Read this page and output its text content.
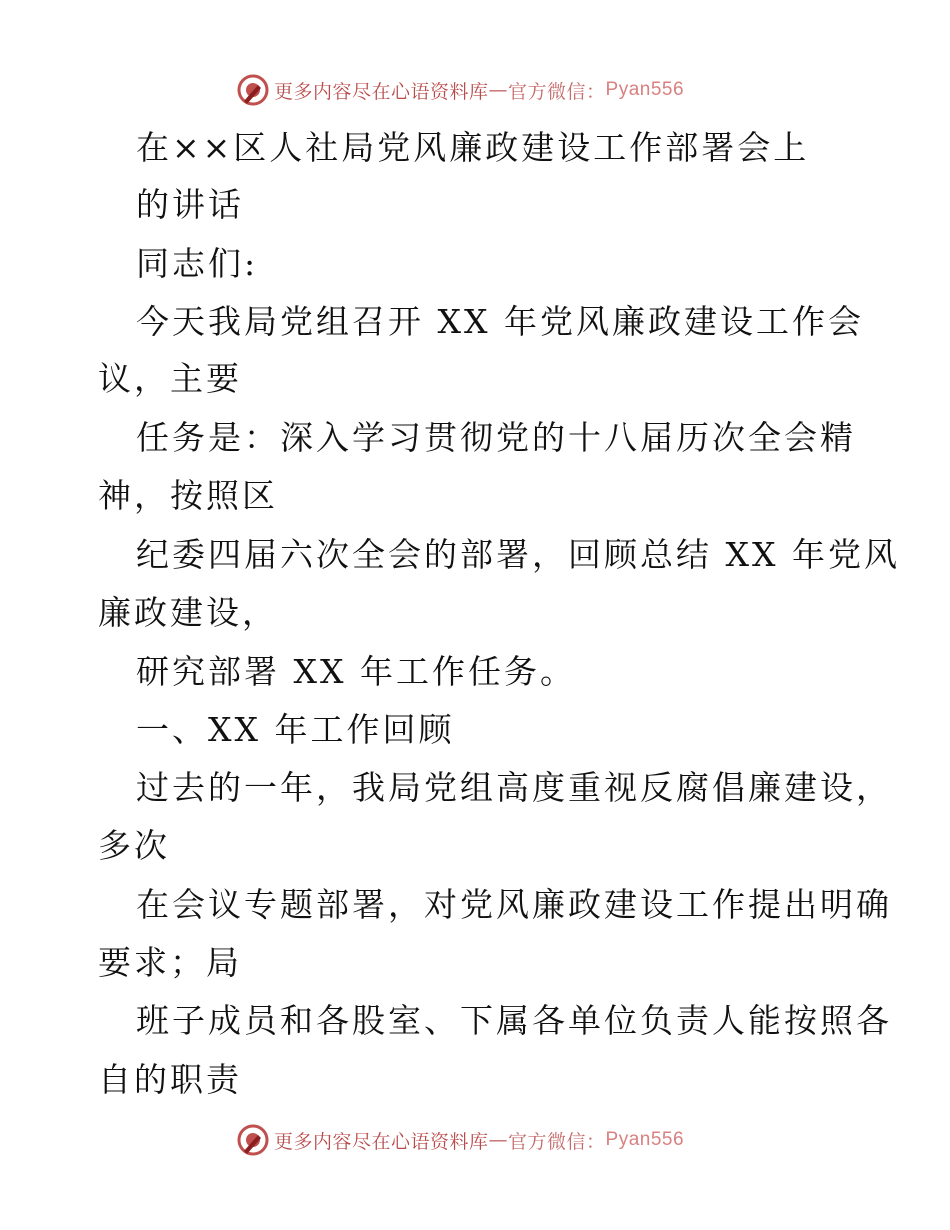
更多内容尽在心语资料库 — 官方微信： Pyan556
在××区人社局党风廉政建设工作部署会上
的讲话
同志们:
今天我局党组召开 XX 年党风廉政建设工作会
议，主要
任务是：深入学习贯彻党的十八届历次全会精
神，按照区
纪委四届六次全会的部署，回顾总结 XX 年党风
廉政建设，
研究部署 XX 年工作任务。
一、XX 年工作回顾
过去的一年，我局党组高度重视反腐倡廉建设，
多次
在会议专题部署，对党风廉政建设工作提出明确
要求；局
班子成员和各股室、下属各单位负责人能按照各
自的职责
更多内容尽在心语资料库 — 官方微信： Pyan556
